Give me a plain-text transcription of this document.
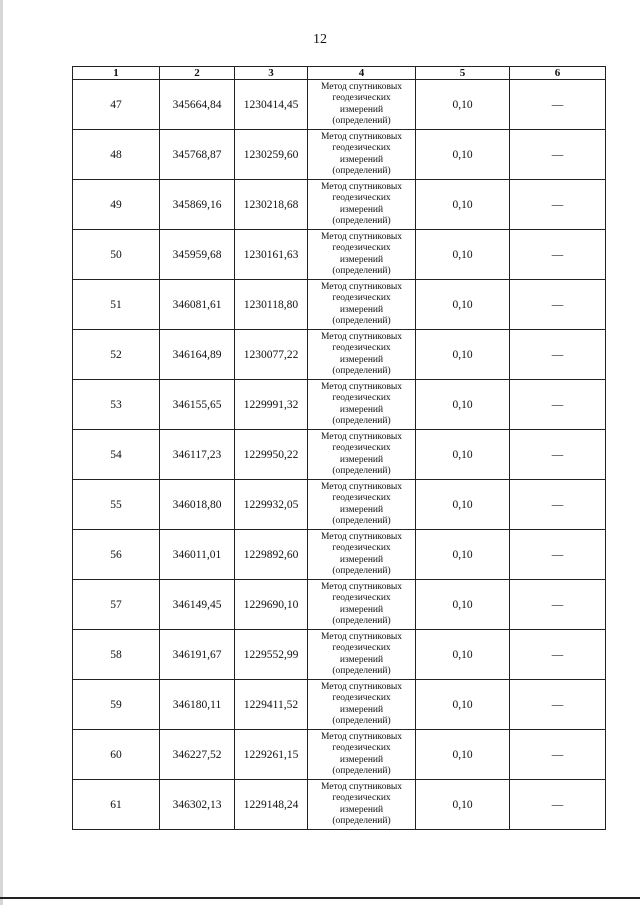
12
1	2	3	4	5	6
47	345664,84	1230414,45	Метод спутниковых
геодезических
измерений
(определений)	0,10	—
48	345768,87	1230259,60	Метод спутниковых
геодезических
измерений
(определений)	0,10	—
49	345869,16	1230218,68	Метод спутниковых
геодезических
измерений
(определений)	0,10	—
50	345959,68	1230161,63	Метод спутниковых
геодезических
измерений
(определений)	0,10	—
51	346081,61	1230118,80	Метод спутниковых
геодезических
измерений
(определений)	0,10	—
52	346164,89	1230077,22	Метод спутниковых
геодезических
измерений
(определений)	0,10	—
53	346155,65	1229991,32	Метод спутниковых
геодезических
измерений
(определений)	0,10	—
54	346117,23	1229950,22	Метод спутниковых
геодезических
измерений
(определений)	0,10	—
55	346018,80	1229932,05	Метод спутниковых
геодезических
измерений
(определений)	0,10	—
56	346011,01	1229892,60	Метод спутниковых
геодезических
измерений
(определений)	0,10	—
57	346149,45	1229690,10	Метод спутниковых
геодезических
измерений
(определений)	0,10	—
58	346191,67	1229552,99	Метод спутниковых
геодезических
измерений
(определений)	0,10	—
59	346180,11	1229411,52	Метод спутниковых
геодезических
измерений
(определений)	0,10	—
60	346227,52	1229261,15	Метод спутниковых
геодезических
измерений
(определений)	0,10	—
61	346302,13	1229148,24	Метод спутниковых
геодезических
измерений
(определений)	0,10	—
